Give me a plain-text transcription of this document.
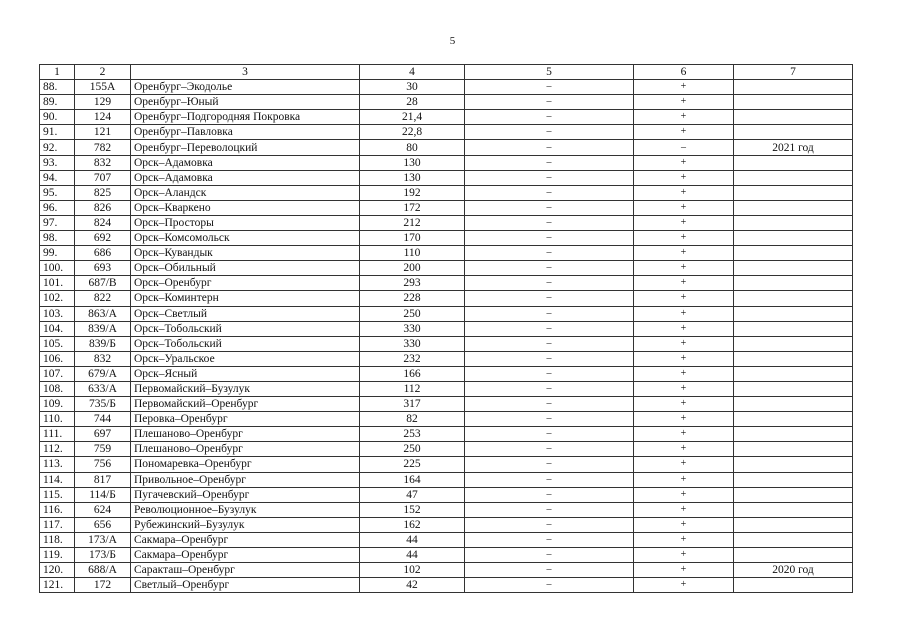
5
1	2	3	4	5	6	7
88.	155А	Оренбург–Экодолье	30	–	+	
89.	129	Оренбург–Юный	28	–	+	
90.	124	Оренбург–Подгородняя Покровка	21,4	–	+	
91.	121	Оренбург–Павловка	22,8	–	+	
92.	782	Оренбург–Переволоцкий	80	–	–	2021 год
93.	832	Орск–Адамовка	130	–	+	
94.	707	Орск–Адамовка	130	–	+	
95.	825	Орск–Аландск	192	–	+	
96.	826	Орск–Кваркено	172	–	+	
97.	824	Орск–Просторы	212	–	+	
98.	692	Орск–Комсомольск	170	–	+	
99.	686	Орск–Кувандык	110	–	+	
100.	693	Орск–Обильный	200	–	+	
101.	687/В	Орск–Оренбург	293	–	+	
102.	822	Орск–Коминтерн	228	–	+	
103.	863/А	Орск–Светлый	250	–	+	
104.	839/А	Орск–Тобольский	330	–	+	
105.	839/Б	Орск–Тобольский	330	–	+	
106.	832	Орск–Уральское	232	–	+	
107.	679/А	Орск–Ясный	166	–	+	
108.	633/А	Первомайский–Бузулук	112	–	+	
109.	735/Б	Первомайский–Оренбург	317	–	+	
110.	744	Перовка–Оренбург	82	–	+	
111.	697	Плешаново–Оренбург	253	–	+	
112.	759	Плешаново–Оренбург	250	–	+	
113.	756	Пономаревка–Оренбург	225	–	+	
114.	817	Привольное–Оренбург	164	–	+	
115.	114/Б	Пугачевский–Оренбург	47	–	+	
116.	624	Революционное–Бузулук	152	–	+	
117.	656	Рубежинский–Бузулук	162	–	+	
118.	173/А	Сакмара–Оренбург	44	–	+	
119.	173/Б	Сакмара–Оренбург	44	–	+	
120.	688/А	Саракташ–Оренбург	102	–	+	2020 год
121.	172	Светлый–Оренбург	42	–	+	
